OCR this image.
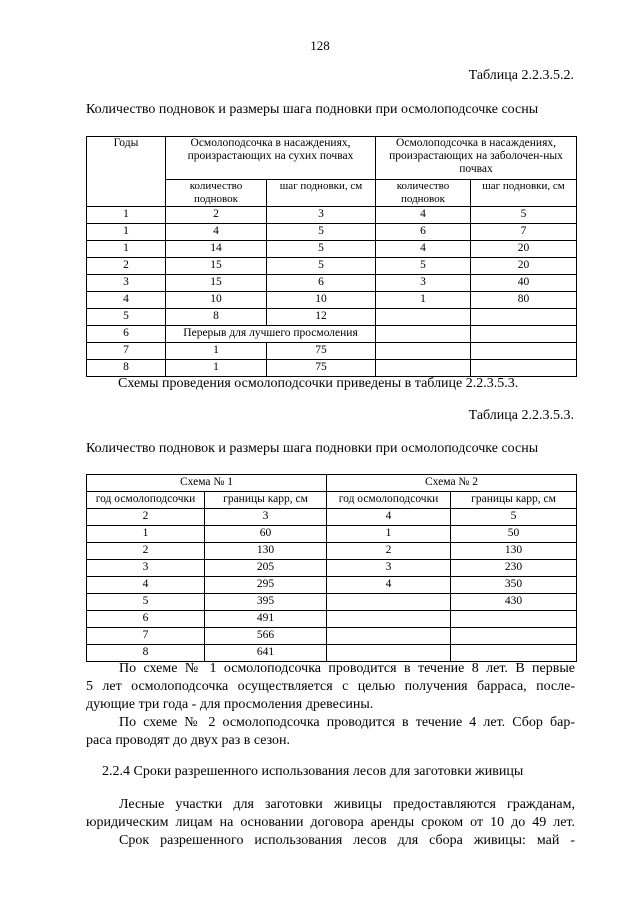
128
Таблица 2.2.3.5.2.
Количество подновок и размеры шага подновки при осмолоподсочке сосны
Годы	Осмолоподсочка в насаждениях, произрастающих на сухих почвах		Осмолоподсочка в насаждениях, произрастающих на заболочен-ных почвах	
	количество подновок	шаг подновки, см	количество подновок	шаг подновки, см
1	2	3	4	5
1	4	5	6	7
1	14	5	4	20
2	15	5	5	20
3	15	6	3	40
4	10	10	1	80
5	8	12		
6	Перерыв для лучшего просмоления			
7	1	75		
8	1	75		
Схемы проведения осмолоподсочки приведены в таблице 2.2.3.5.3.
Таблица 2.2.3.5.3.
Количество подновок и размеры шага подновки при осмолоподсочке сосны
Схема № 1		Схема № 2	
год осмолоподсочки	границы карр, см	год осмолоподсочки	границы карр, см
2	3	4	5
1	60	1	50
2	130	2	130
3	205	3	230
4	295	4	350
5	395		430
6	491		
7	566		
8	641		
По схеме № 1 осмолоподсочка проводится в течение 8 лет. В первые
5 лет осмолоподсочка осуществляется с целью получения барраса, после-
дующие три года - для просмоления древесины.
По схеме № 2 осмолоподсочка проводится в течение 4 лет. Сбор бар-
раса проводят до двух раз в сезон.
2.2.4 Сроки разрешенного использования лесов для заготовки живицы
Лесные участки для заготовки живицы предоставляются гражданам,
юридическим лицам на основании договора аренды сроком от 10 до 49 лет.
Срок разрешенного использования лесов для сбора живицы: май -
